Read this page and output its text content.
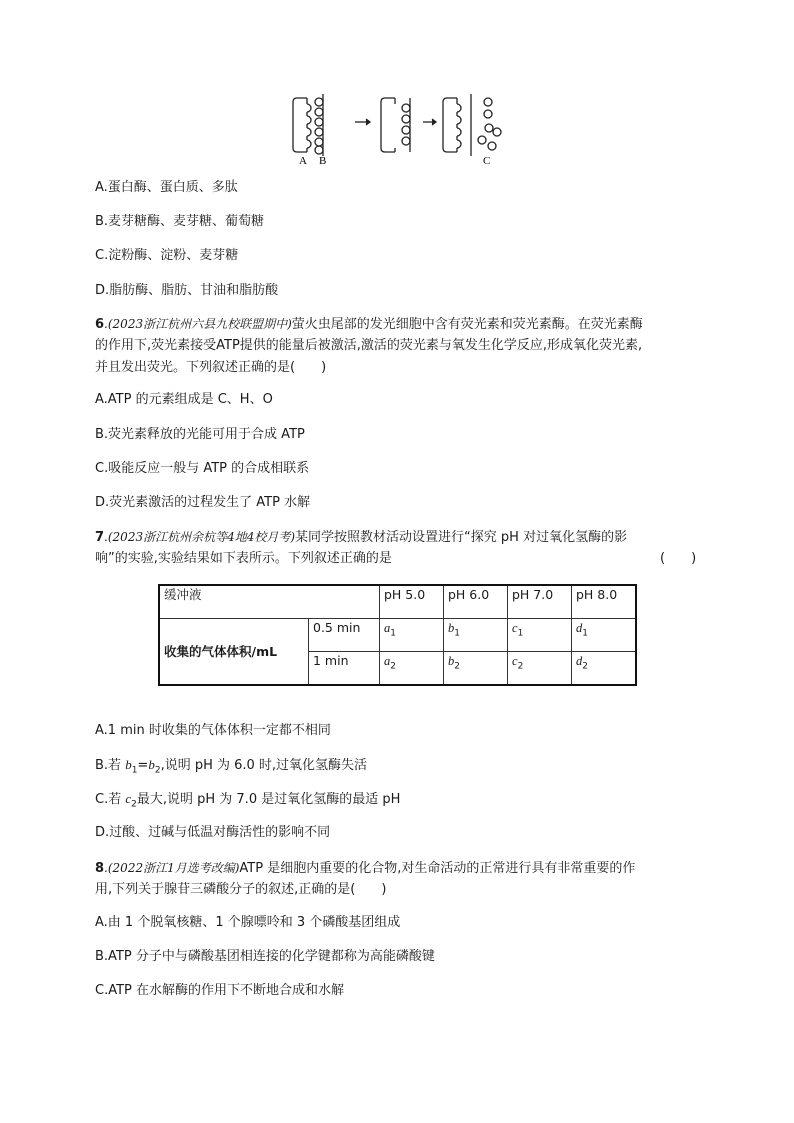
A B	C
A.蛋白酶、蛋白质、多肽
B.麦芽糖酶、麦芽糖、葡萄糖
C.淀粉酶、淀粉、麦芽糖
D.脂肪酶、脂肪、甘油和脂肪酸
6.(2023浙江杭州六县九校联盟期中)萤火虫尾部的发光细胞中含有荧光素和荧光素酶。在荧光素酶
的作用下,荧光素接受ATP提供的能量后被激活,激活的荧光素与氧发生化学反应,形成氧化荧光素,
并且发出荧光。下列叙述正确的是(　　)
A.ATP 的元素组成是 C、H、O
B.荧光素释放的光能可用于合成 ATP
C.吸能反应一般与 ATP 的合成相联系
D.荧光素激活的过程发生了 ATP 水解
7.(2023浙江杭州余杭等4地4校月考)某同学按照教材活动设置进行“探究 pH 对过氧化氢酶的影
响”的实验,实验结果如下表所示。下列叙述正确的是	(　　)
缓冲液		pH 5.0	pH 6.0	pH 7.0	pH 8.0
收集的气体体积/mL	0.5 min	$a_1$	$b_1$	$c_1$	$d_1$
	1 min	$a_2$	$b_2$	$c_2$	$d_2$
A.1 min 时收集的气体体积一定都不相同
B.若 $b_1=b_2$,说明 pH 为 6.0 时,过氧化氢酶失活
C.若 $c_2$最大,说明 pH 为 7.0 是过氧化氢酶的最适 pH
D.过酸、过碱与低温对酶活性的影响不同
8.(2022浙江1月选考改编)ATP 是细胞内重要的化合物,对生命活动的正常进行具有非常重要的作
用,下列关于腺苷三磷酸分子的叙述,正确的是(　　)
A.由 1 个脱氧核糖、1 个腺嘌呤和 3 个磷酸基团组成
B.ATP 分子中与磷酸基团相连接的化学键都称为高能磷酸键
C.ATP 在水解酶的作用下不断地合成和水解
